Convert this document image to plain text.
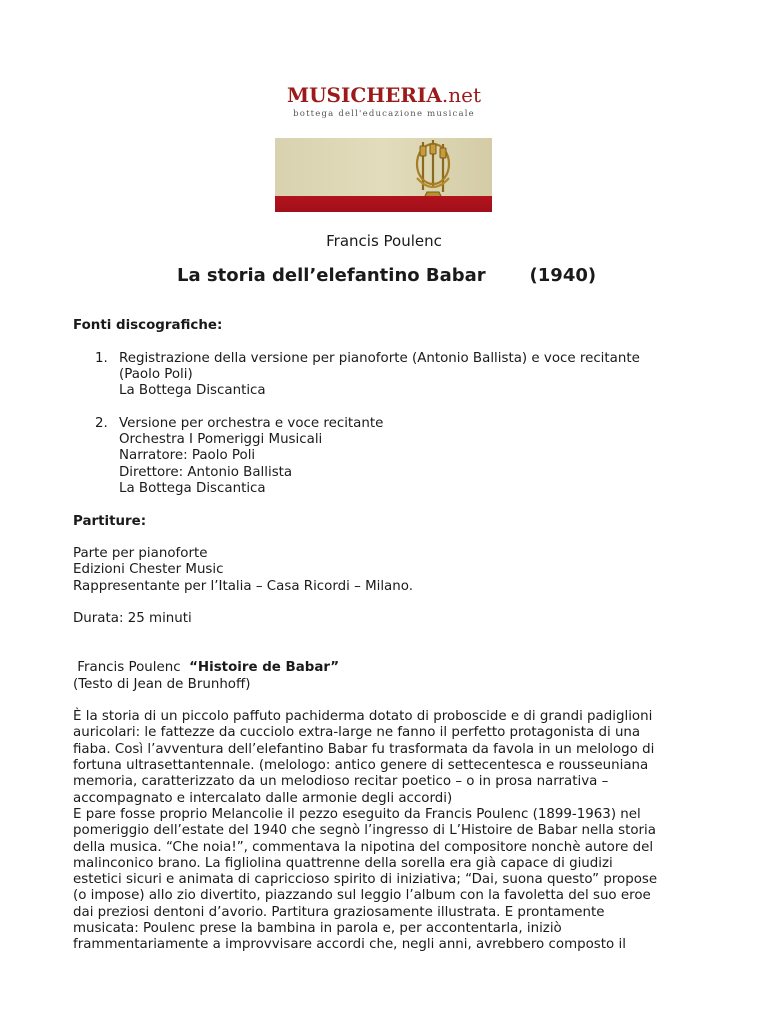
MUSICHERIA.net
bottega dell'educazione musicale
Francis Poulenc
La storia dell’elefantino Babar       (1940)

Fonti discografiche:

1. Registrazione della versione per pianoforte (Antonio Ballista) e voce recitante
(Paolo Poli)
La Bottega Discantica
2. Versione per orchestra e voce recitante
Orchestra I Pomeriggi Musicali
Narratore: Paolo Poli
Direttore: Antonio Ballista
La Bottega Discantica

Partiture:

Parte per pianoforte

Edizioni Chester Music

Rappresentante per l’Italia – Casa Ricordi – Milano.

Durata: 25 minuti

Francis Poulenc  “Histoire de Babar”

(Testo di Jean de Brunhoff)

È la storia di un piccolo paffuto pachiderma dotato di proboscide e di grandi padiglioni
auricolari: le fattezze da cucciolo extra-large ne fanno il perfetto protagonista di una
fiaba. Così l’avventura dell’elefantino Babar fu trasformata da favola in un melologo di
fortuna ultrasettantennale. (melologo: antico genere di settecentesca e rousseuniana
memoria, caratterizzato da un melodioso recitar poetico – o in prosa narrativa –
accompagnato e intercalato dalle armonie degli accordi)
E pare fosse proprio Melancolie il pezzo eseguito da Francis Poulenc (1899-1963) nel
pomeriggio dell’estate del 1940 che segnò l’ingresso di L’Histoire de Babar nella storia
della musica. “Che noia!”, commentava la nipotina del compositore nonchè autore del
malinconico brano. La figliolina quattrenne della sorella era già capace di giudizi
estetici sicuri e animata di capriccioso spirito di iniziativa; “Dai, suona questo” propose
(o impose) allo zio divertito, piazzando sul leggio l’album con la favoletta del suo eroe
dai preziosi dentoni d’avorio. Partitura graziosamente illustrata. E prontamente
musicata: Poulenc prese la bambina in parola e, per accontentarla, iniziò
frammentariamente a improvvisare accordi che, negli anni, avrebbero composto il
